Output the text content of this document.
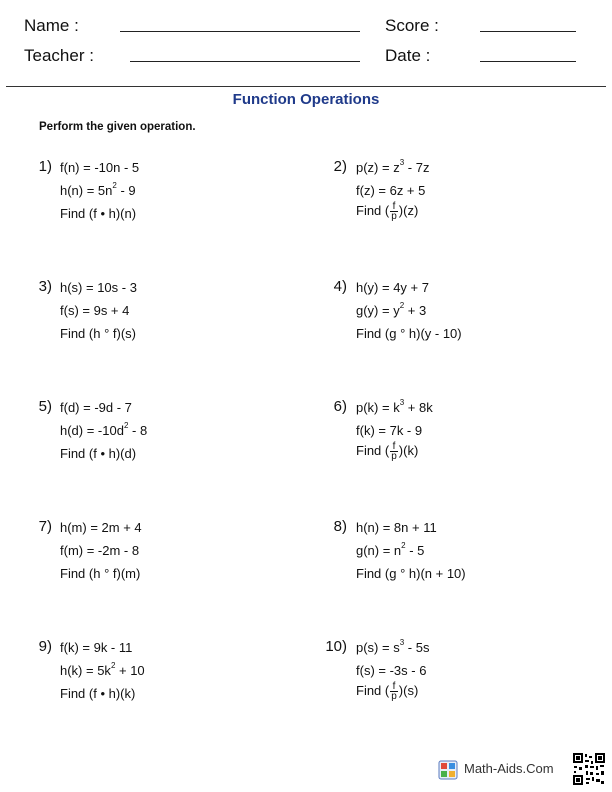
Name :	Score :
Teacher :	Date :
Function Operations
Perform the given operation.
1) f(n) = -10n - 5
$h(n) = 5n^2 - 9$
Find (f • h)(n)
2) $p(z) = z^3 - 7z$
f(z) = 6z + 5
Find ( $\frac{f}{p} )(z)$
3) h(s) = 10s - 3
f(s) = 9s + 4
Find (h ° f)(s)
4) h(y) = 4y + 7
$g(y) = y^2 + 3$
Find (g ° h)(y - 10)
5) f(d) = -9d - 7
$h(d) = -10d^2 - 8$
Find (f • h)(d)
6) $p(k) = k^3 + 8k$
f(k) = 7k - 9
Find ( $\frac{f}{p} )(k)$
7) h(m) = 2m + 4
f(m) = -2m - 8
Find (h ° f)(m)
8) h(n) = 8n + 11
$g(n) = n^2 - 5$
Find (g ° h)(n + 10)
9) f(k) = 9k - 11
$h(k) = 5k^2 + 10$
Find (f • h)(k)
10) $p(s) = s^3 - 5s$
f(s) = -3s - 6
Find ( $\frac{f}{p} )(s)$
Math-Aids.Com
